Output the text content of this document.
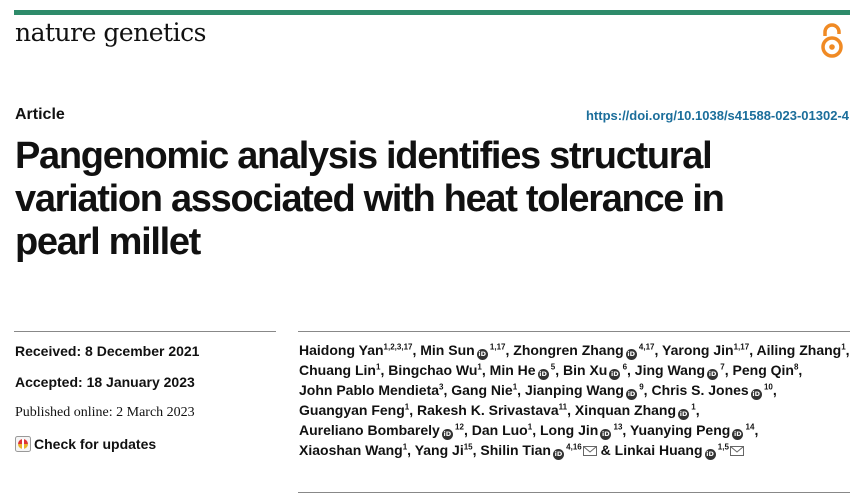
nature genetics
Article	https://doi.org/10.1038/s41588-023-01302-4
Pangenomic analysis identifies structural
variation associated with heat tolerance in
pearl millet
Received: 8 December 2021
Accepted: 18 January 2023
Published online: 2 March 2023
Check for updates
Haidong Yan$^{1,2,3,17}$, Min Sun iD $^{1,17}$, Zhongren Zhang iD $^{4,17}$, Yarong Jin$^{1,17}$, Ailing Zhang$^1$, Chuang Lin$^1$, Bingchao Wu$^1$, Min He iD $^5$, Bin Xu iD $^6$, Jing Wang iD $^7$, Peng Qin$^8$, John Pablo Mendieta$^3$, Gang Nie$^1$, Jianping Wang iD $^9$, Chris S. Jones iD $^{10}$, Guangyan Feng$^1$, Rakesh K. Srivastava$^{11}$, Xinquan Zhang iD $^1$, Aureliano Bombarely iD $^{12}$, Dan Luo$^1$, Long Jin iD $^{13}$, Yuanying Peng iD $^{14}$, Xiaoshan Wang$^1$, Yang Ji$^{15}$, Shilin Tian iD $^{4,16}$ & Linkai Huang iD $^{1,5}$
